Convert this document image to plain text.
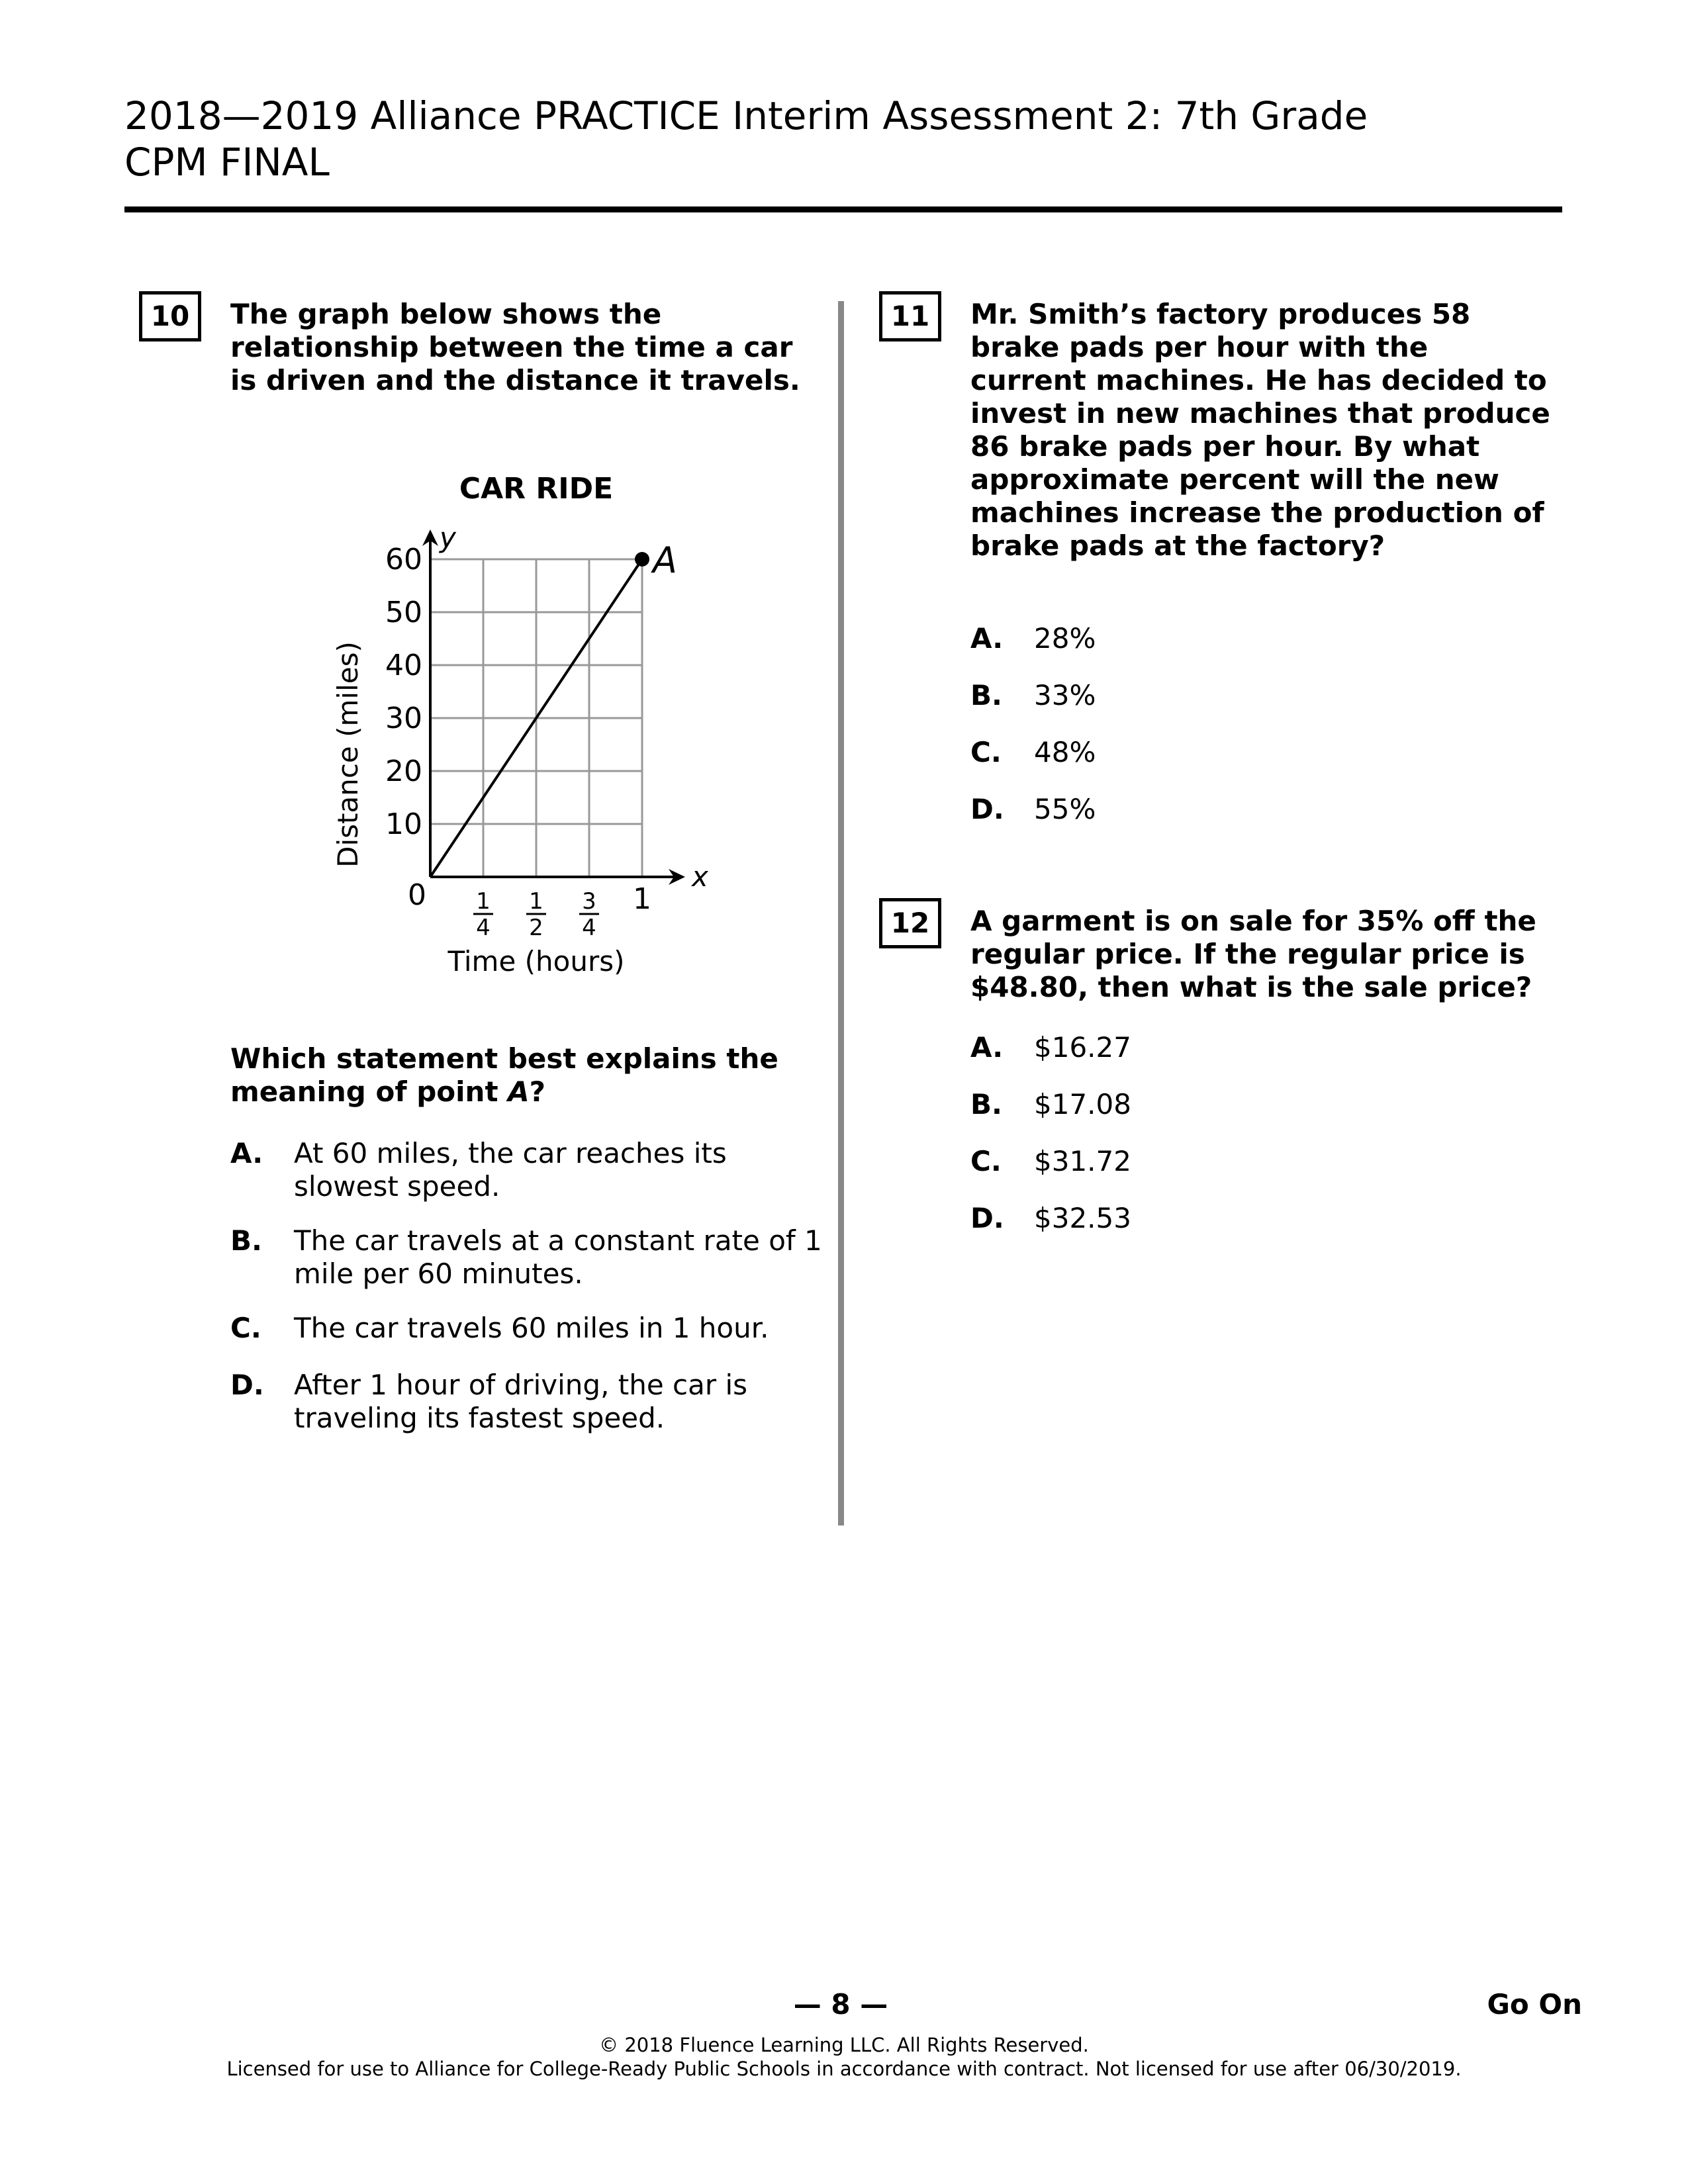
2018—2019 Alliance PRACTICE Interim Assessment 2: 7th Grade CPM FINAL
10	The graph below shows the relationship between the time a car is driven and the distance it travels.
CAR RIDE
x
y
0
10
20
30
40
50
60
1
4
1
2
3
4
1
A
Distance (miles)
Time (hours)
Which statement best explains the meaning of point A?
A. At 60 miles, the car reaches its slowest speed.
B. The car travels at a constant rate of 1 mile per 60 minutes.
C. The car travels 60 miles in 1 hour.
D. After 1 hour of driving, the car is traveling its fastest speed.
11	Mr. Smith’s factory produces 58 brake pads per hour with the current machines. He has decided to invest in new machines that produce 86 brake pads per hour. By what approximate percent will the new machines increase the production of brake pads at the factory?
A. 28%
B. 33%
C. 48%
D. 55%
12	A garment is on sale for 35% off the regular price. If the regular price is $48.80, then what is the sale price?
A. $16.27
B. $17.08
C. $31.72
D. $32.53
— 8 —	Go On
© 2018 Fluence Learning LLC. All Rights Reserved.
Licensed for use to Alliance for College-Ready Public Schools in accordance with contract. Not licensed for use after 06/30/2019.
